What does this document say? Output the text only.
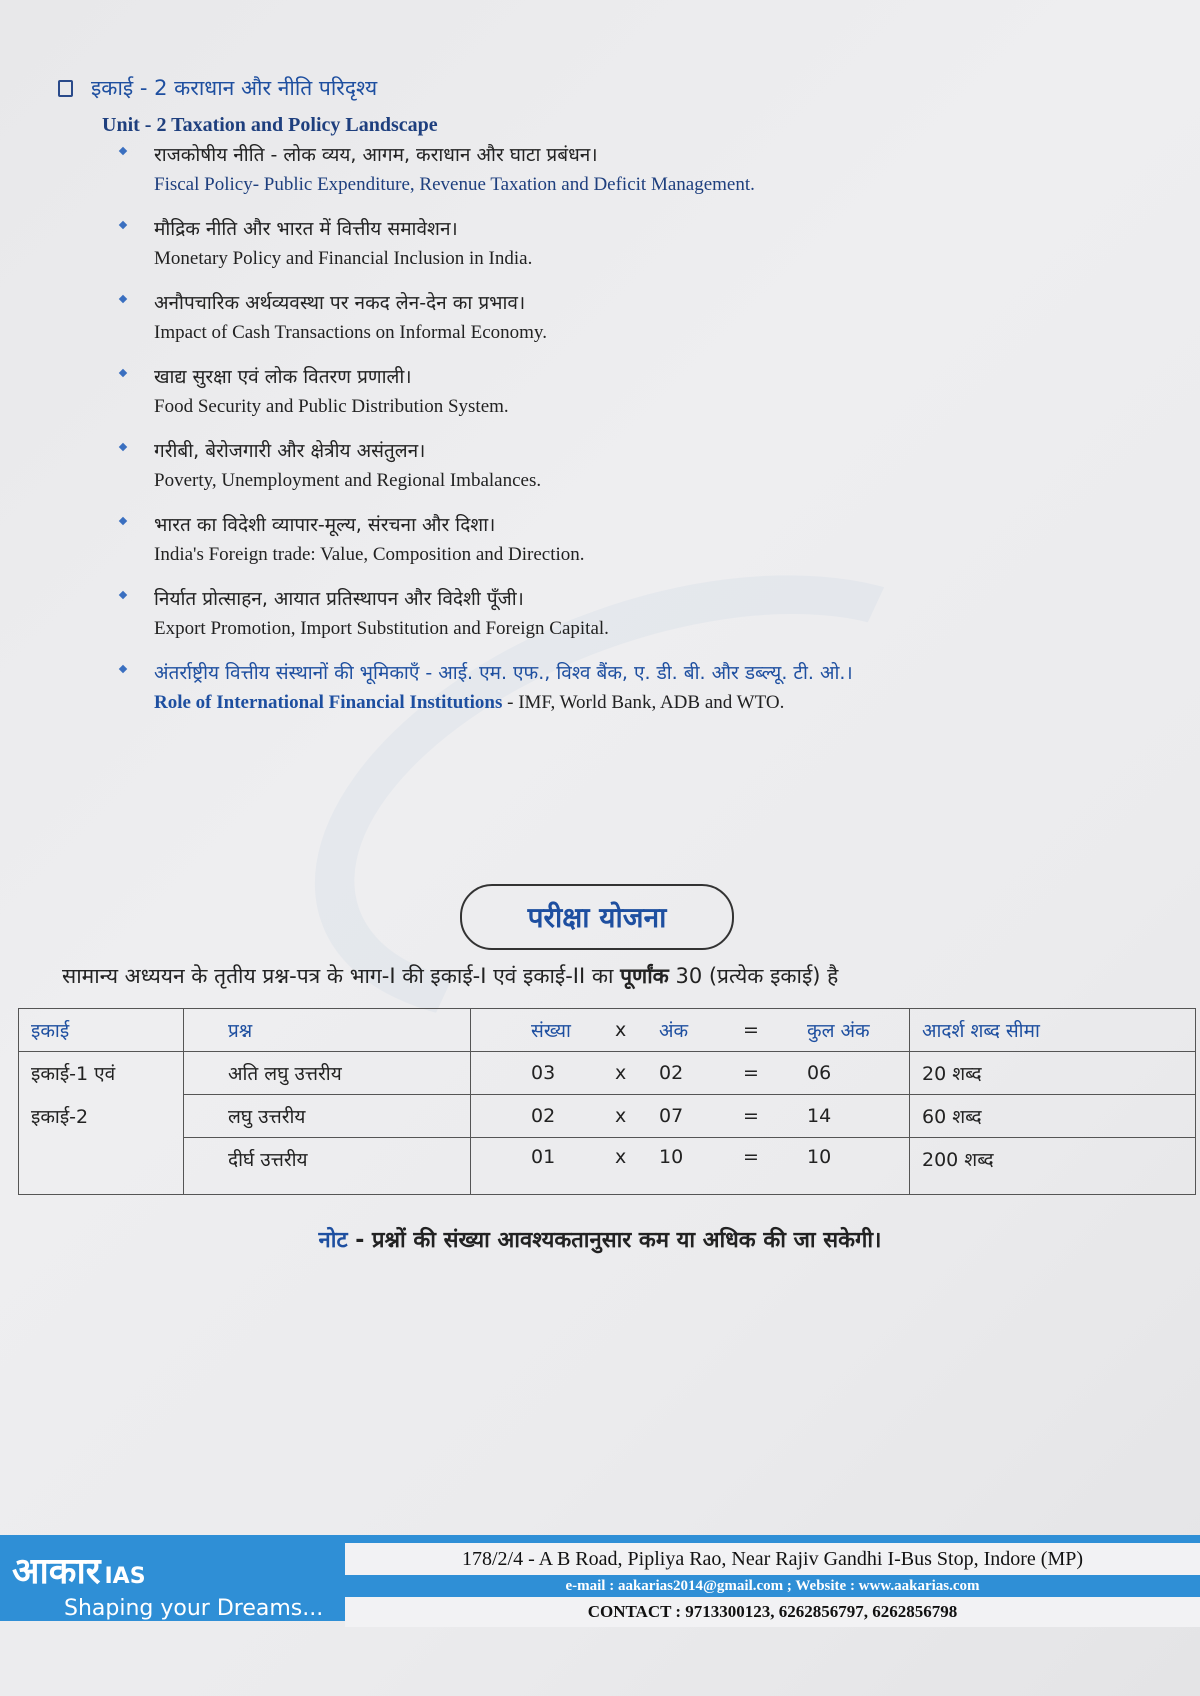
इकाई - 2 कराधान और नीति परिदृश्य
Unit - 2 Taxation and Policy Landscape
राजकोषीय नीति - लोक व्यय, आगम, कराधान और घाटा प्रबंधन।
Fiscal Policy- Public Expenditure, Revenue Taxation and Deficit Management.
मौद्रिक नीति और भारत में वित्तीय समावेशन।
Monetary Policy and Financial Inclusion in India.
अनौपचारिक अर्थव्यवस्था पर नकद लेन-देन का प्रभाव।
Impact of Cash Transactions on Informal Economy.
खाद्य सुरक्षा एवं लोक वितरण प्रणाली।
Food Security and Public Distribution System.
गरीबी, बेरोजगारी और क्षेत्रीय असंतुलन।
Poverty, Unemployment and Regional Imbalances.
भारत का विदेशी व्यापार-मूल्य, संरचना और दिशा।
India's Foreign trade: Value, Composition and Direction.
निर्यात प्रोत्साहन, आयात प्रतिस्थापन और विदेशी पूँजी।
Export Promotion, Import Substitution and Foreign Capital.
अंतर्राष्ट्रीय वित्तीय संस्थानों की भूमिकाएँ - आई. एम. एफ., विश्व बैंक, ए. डी. बी. और डब्ल्यू. टी. ओ.।
Role of International Financial Institutions - IMF, World Bank, ADB and WTO.
परीक्षा योजना
सामान्य अध्ययन के तृतीय प्रश्न-पत्र के भाग-I की इकाई-I एवं इकाई-II का पूर्णांक 30 (प्रत्येक इकाई) है
इकाई	प्रश्न	संख्या	x	अंक	=	कुल अंक	आदर्श शब्द सीमा
इकाई-1 एवं	अति लघु उत्तरीय	03	x	02	=	06	20 शब्द
इकाई-2	लघु उत्तरीय	02	x	07	=	14	60 शब्द
	दीर्घ उत्तरीय	01	x	10	=	10	200 शब्द
नोट - प्रश्नों की संख्या आवश्यकतानुसार कम या अधिक की जा सकेगी।
आकार IAS
Shaping your Dreams...
178/2/4 - A B Road, Pipliya Rao, Near Rajiv Gandhi I-Bus Stop, Indore (MP)
e-mail : aakarias2014@gmail.com ; Website : www.aakarias.com
CONTACT : 9713300123, 6262856797, 6262856798
